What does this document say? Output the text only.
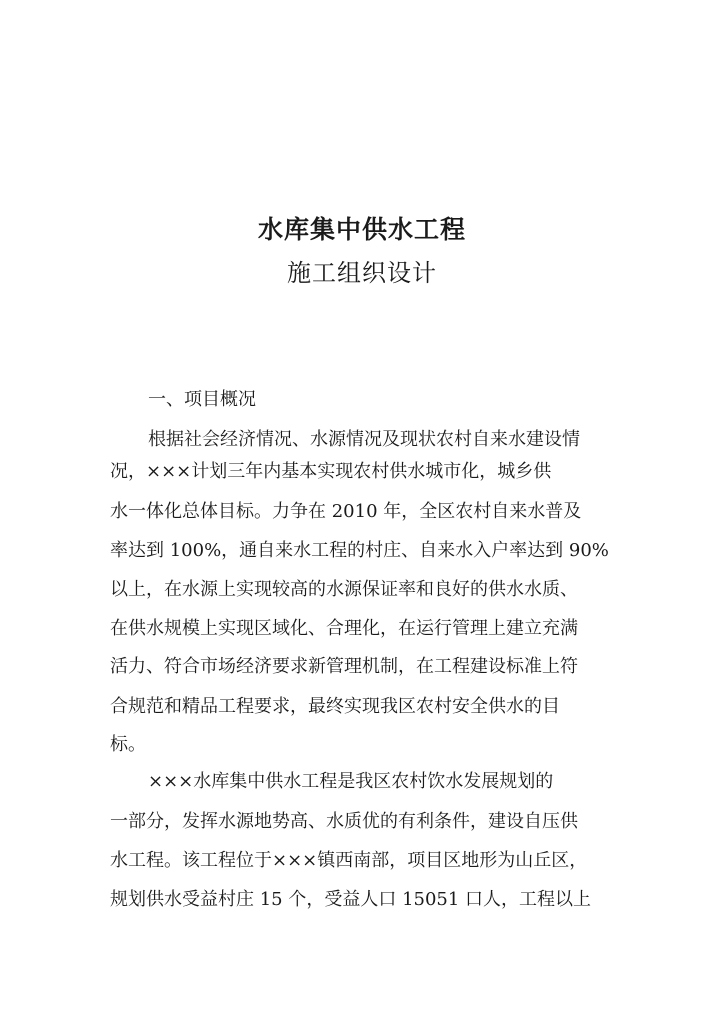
水库集中供水工程
施工组织设计
一、项目概况
根据社会经济情况、水源情况及现状农村自来水建设情
况，×××计划三年内基本实现农村供水城市化，城乡供
水一体化总体目标。力争在 2010 年，全区农村自来水普及
率达到 100%，通自来水工程的村庄、自来水入户率达到 90%
以上，在水源上实现较高的水源保证率和良好的供水水质、
在供水规模上实现区域化、合理化，在运行管理上建立充满
活力、符合市场经济要求新管理机制，在工程建设标准上符
合规范和精品工程要求，最终实现我区农村安全供水的目
标。
×××水库集中供水工程是我区农村饮水发展规划的
一部分，发挥水源地势高、水质优的有利条件，建设自压供
水工程。该工程位于×××镇西南部，项目区地形为山丘区，
规划供水受益村庄 15 个，受益人口 15051 口人，工程以上
